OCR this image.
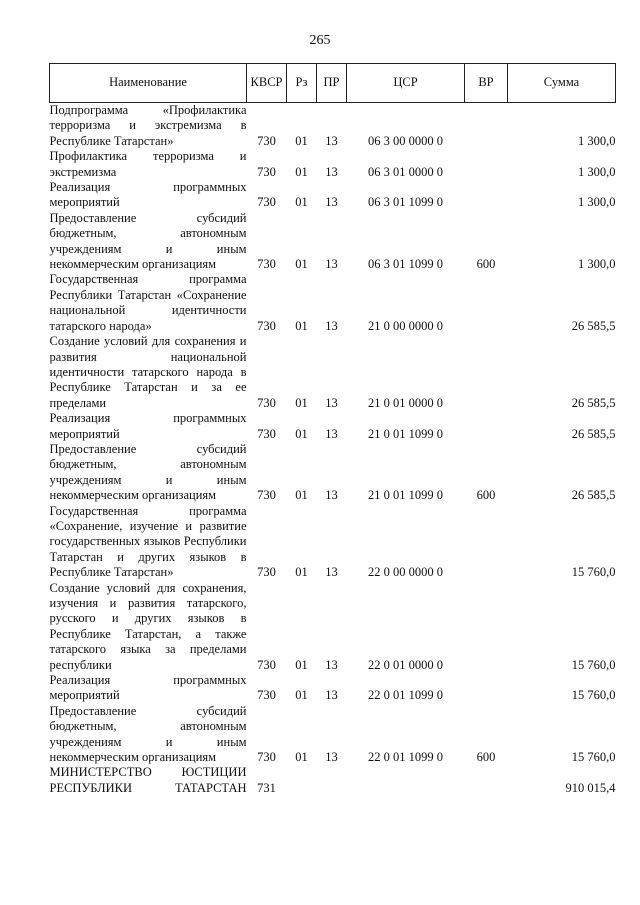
265
Наименование	КВСР	Рз	ПР	ЦСР	ВР	Сумма
Подпрограмма «Профилактика терроризма и экстремизма в Республике Татарстан»	730	01	13	06 3 00 0000 0		1 300,0
Профилактика терроризма и экстремизма	730	01	13	06 3 01 0000 0		1 300,0
Реализация программных мероприятий	730	01	13	06 3 01 1099 0		1 300,0
Предоставление субсидий бюджетным, автономным учреждениям и иным некоммерческим организациям	730	01	13	06 3 01 1099 0	600	1 300,0
Государственная программа Республики Татарстан «Сохранение национальной идентичности татарского народа»	730	01	13	21 0 00 0000 0		26 585,5
Создание условий для сохранения и развития национальной идентичности татарского народа в Республике Татарстан и за ее пределами	730	01	13	21 0 01 0000 0		26 585,5
Реализация программных мероприятий	730	01	13	21 0 01 1099 0		26 585,5
Предоставление субсидий бюджетным, автономным учреждениям и иным некоммерческим организациям	730	01	13	21 0 01 1099 0	600	26 585,5
Государственная программа «Сохранение, изучение и развитие государственных языков Республики Татарстан и других языков в Республике Татарстан»	730	01	13	22 0 00 0000 0		15 760,0
Создание условий для сохранения, изучения и развития татарского, русского и других языков в Республике Татарстан, а также татарского языка за пределами республики	730	01	13	22 0 01 0000 0		15 760,0
Реализация программных мероприятий	730	01	13	22 0 01 1099 0		15 760,0
Предоставление субсидий бюджетным, автономным учреждениям и иным некоммерческим организациям	730	01	13	22 0 01 1099 0	600	15 760,0

МИНИСТЕРСТВО ЮСТИЦИИ
РЕСПУБЛИКИ ТАТАРСТАН	731					910 015,4
